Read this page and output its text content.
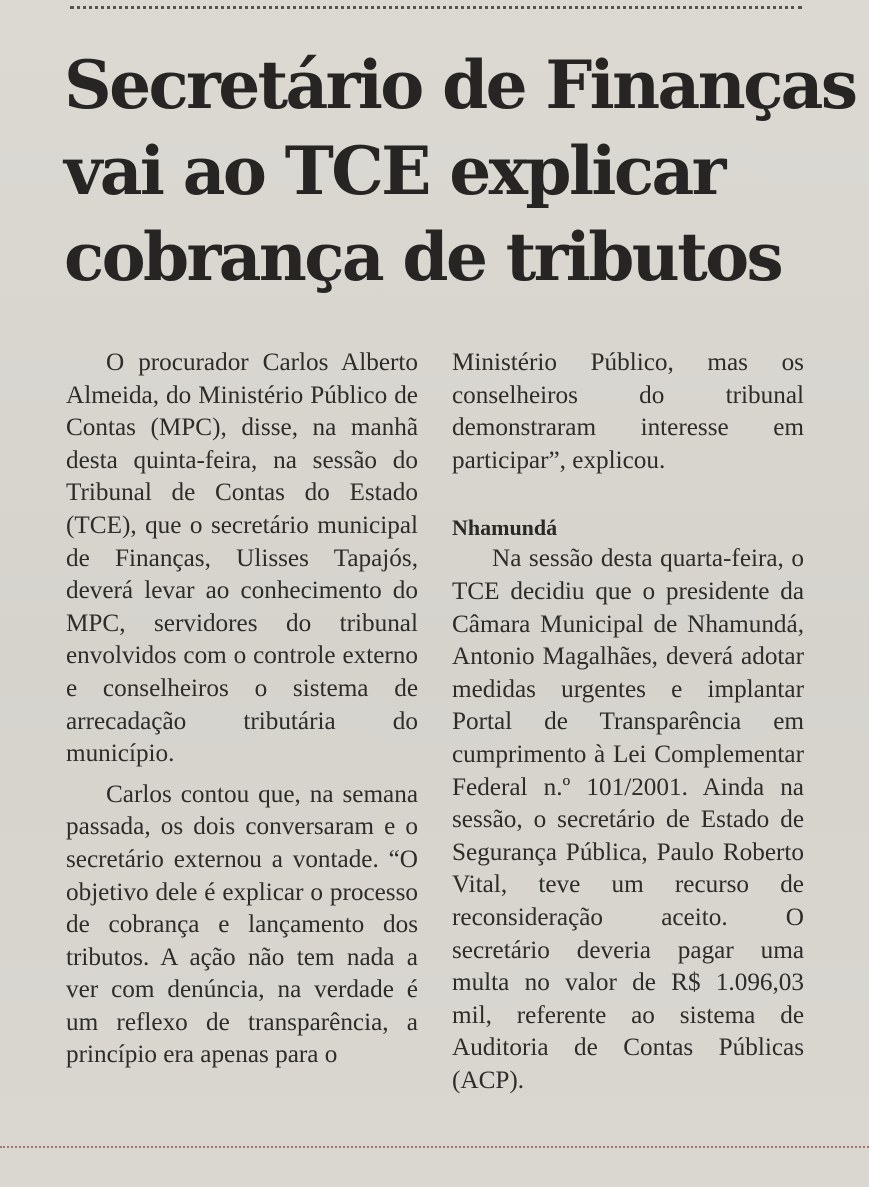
Secretário de Finanças
vai ao TCE explicar
cobrança de tributos

O procurador Carlos Alberto Almeida, do Ministério Público de Contas (MPC), disse, na manhã desta quinta-feira, na sessão do Tribunal de Contas do Estado (TCE), que o secretário municipal de Finanças, Ulisses Tapajós, deverá levar ao conhecimento do MPC, servidores do tribunal envolvidos com o controle externo e conselheiros o sistema de arrecadação tributária do município.

Carlos contou que, na semana passada, os dois conversaram e o secretário externou a vontade. “O objetivo dele é explicar o processo de cobrança e lançamento dos tributos. A ação não tem nada a ver com denúncia, na verdade é um reflexo de transparência, a princípio era apenas para o

Ministério Público, mas os conselheiros do tribunal demonstraram interesse em participar”, explicou.

Nhamundá

Na sessão desta quarta-feira, o TCE decidiu que o presidente da Câmara Municipal de Nhamundá, Antonio Magalhães, deverá adotar medidas urgentes e implantar Portal de Transparência em cumprimento à Lei Complementar Federal n.º 101/2001. Ainda na sessão, o secretário de Estado de Segurança Pública, Paulo Roberto Vital, teve um recurso de reconsideração aceito. O secretário deveria pagar uma multa no valor de R$ 1.096,03 mil, referente ao sistema de Auditoria de Contas Públicas (ACP).
